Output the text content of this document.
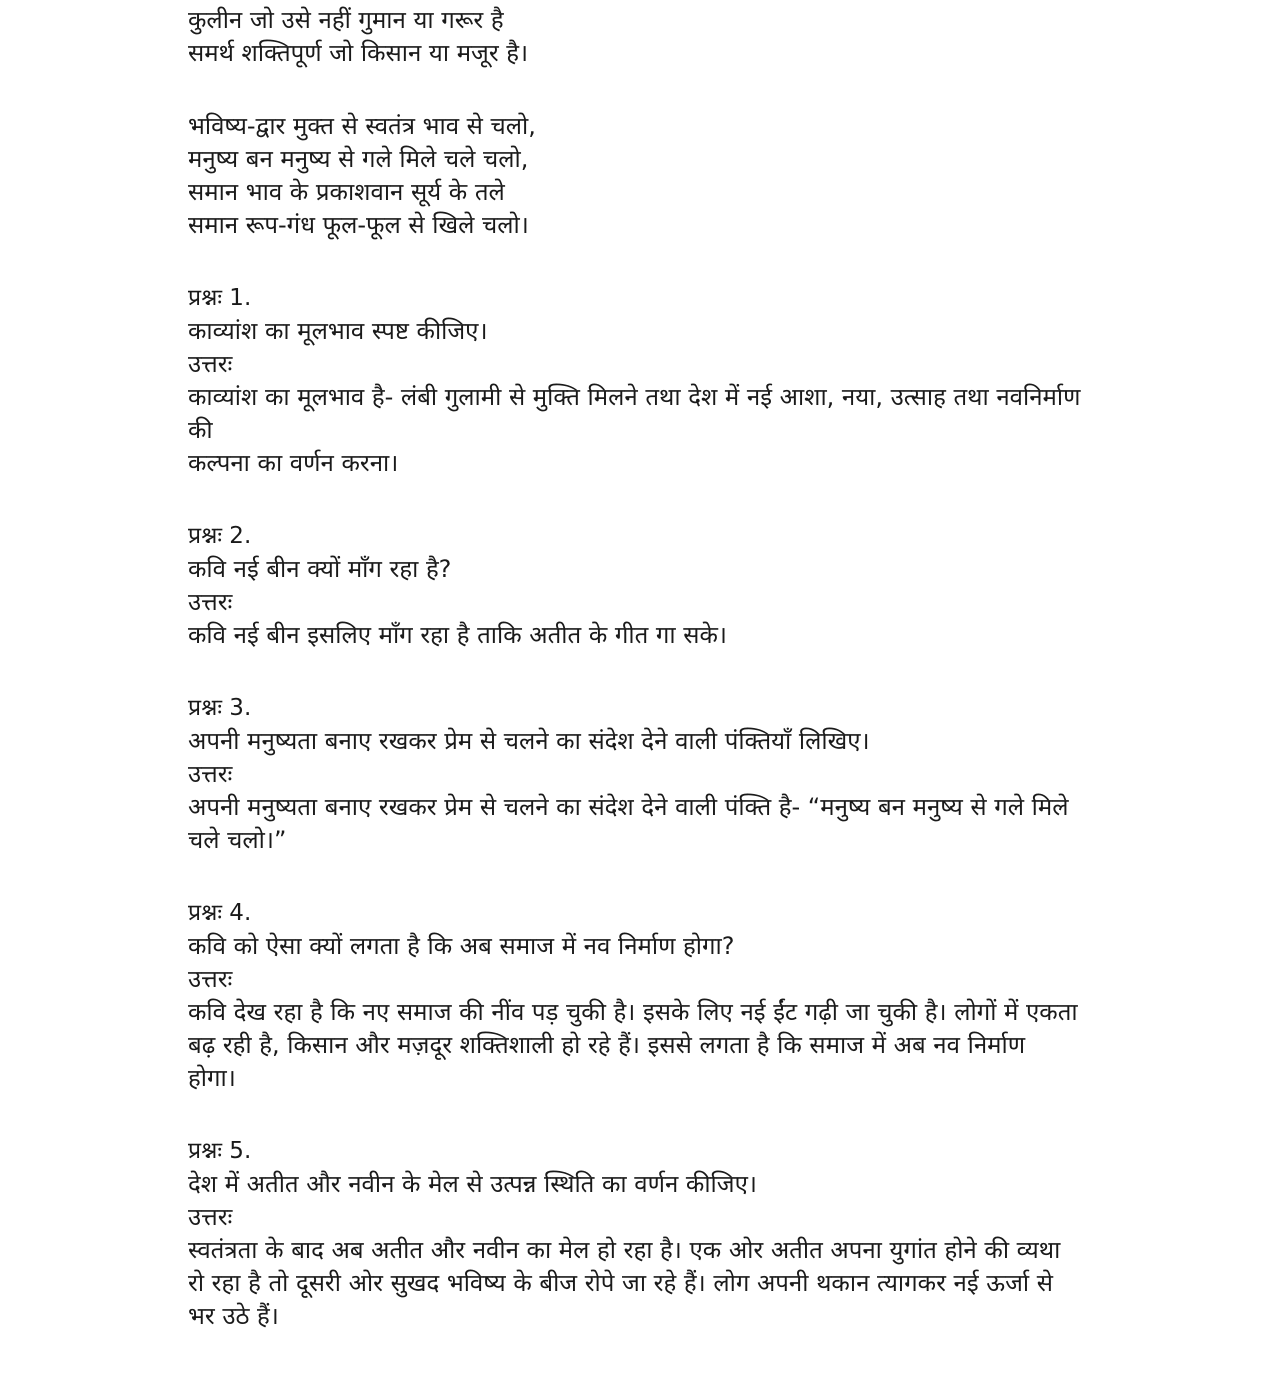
कुलीन जो उसे नहीं गुमान या गरूर है
समर्थ शक्तिपूर्ण जो किसान या मजूर है।
भविष्य-द्वार मुक्त से स्वतंत्र भाव से चलो,
मनुष्य बन मनुष्य से गले मिले चले चलो,
समान भाव के प्रकाशवान सूर्य के तले
समान रूप-गंध फूल-फूल से खिले चलो।
प्रश्नः 1.
काव्यांश का मूलभाव स्पष्ट कीजिए।
उत्तरः
काव्यांश का मूलभाव है- लंबी गुलामी से मुक्ति मिलने तथा देश में नई आशा, नया, उत्साह तथा नवनिर्माण
की
कल्पना का वर्णन करना।
प्रश्नः 2.
कवि नई बीन क्यों माँग रहा है?
उत्तरः
कवि नई बीन इसलिए माँग रहा है ताकि अतीत के गीत गा सके।
प्रश्नः 3.
अपनी मनुष्यता बनाए रखकर प्रेम से चलने का संदेश देने वाली पंक्तियाँ लिखिए।
उत्तरः
अपनी मनुष्यता बनाए रखकर प्रेम से चलने का संदेश देने वाली पंक्ति है- “मनुष्य बन मनुष्य से गले मिले
चले चलो।”
प्रश्नः 4.
कवि को ऐसा क्यों लगता है कि अब समाज में नव निर्माण होगा?
उत्तरः
कवि देख रहा है कि नए समाज की नींव पड़ चुकी है। इसके लिए नई ईंट गढ़ी जा चुकी है। लोगों में एकता
बढ़ रही है, किसान और मज़दूर शक्तिशाली हो रहे हैं। इससे लगता है कि समाज में अब नव निर्माण
होगा।
प्रश्नः 5.
देश में अतीत और नवीन के मेल से उत्पन्न स्थिति का वर्णन कीजिए।
उत्तरः
स्वतंत्रता के बाद अब अतीत और नवीन का मेल हो रहा है। एक ओर अतीत अपना युगांत होने की व्यथा
रो रहा है तो दूसरी ओर सुखद भविष्य के बीज रोपे जा रहे हैं। लोग अपनी थकान त्यागकर नई ऊर्जा से
भर उठे हैं।
